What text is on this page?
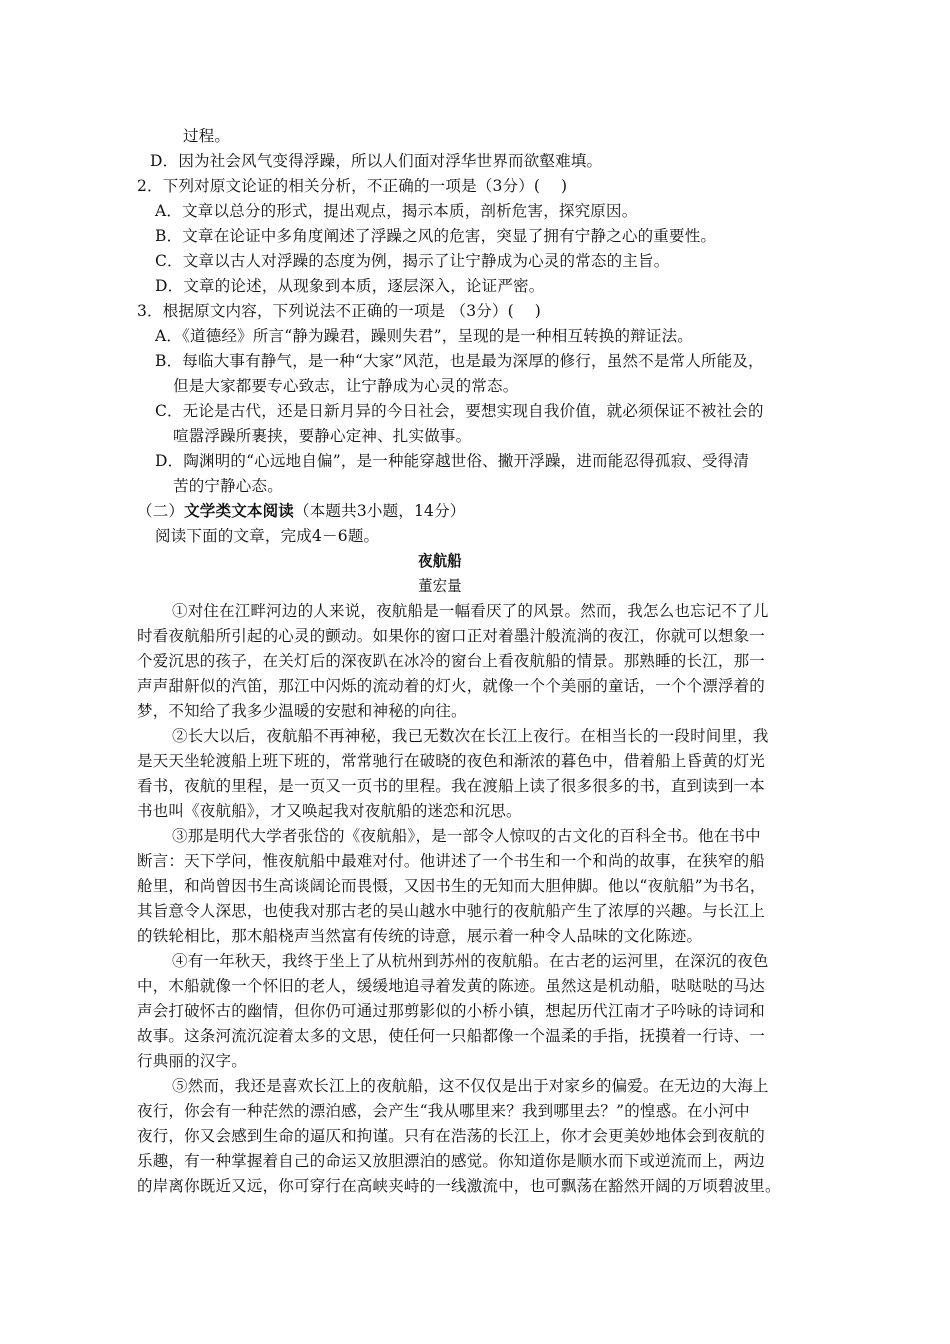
过程。
D．因为社会风气变得浮躁，所以人们面对浮华世界而欲壑难填。
2．下列对原文论证的相关分析，不正确的一项是（3分）(　 )
A．文章以总分的形式，提出观点，揭示本质，剖析危害，探究原因。
B．文章在论证中多角度阐述了浮躁之风的危害，突显了拥有宁静之心的重要性。
C．文章以古人对浮躁的态度为例，揭示了让宁静成为心灵的常态的主旨。
D．文章的论述，从现象到本质，逐层深入，论证严密。
3．根据原文内容，下列说法不正确的一项是 （3分）(　 )
A．《道德经》所言“静为躁君，躁则失君”，呈现的是一种相互转换的辩证法。
B．每临大事有静气，是一种“大家”风范，也是最为深厚的修行，虽然不是常人所能及，
但是大家都要专心致志，让宁静成为心灵的常态。
C．无论是古代，还是日新月异的今日社会，要想实现自我价值，就必须保证不被社会的
喧嚣浮躁所裹挟，要静心定神、扎实做事。
D．陶渊明的“心远地自偏”，是一种能穿越世俗、撇开浮躁，进而能忍得孤寂、受得清
苦的宁静心态。
（二）文学类文本阅读（本题共3小题，14分）
阅读下面的文章，完成4－6题。
夜航船
董宏量
①对住在江畔河边的人来说，夜航船是一幅看厌了的风景。然而，我怎么也忘记不了儿
时看夜航船所引起的心灵的颤动。如果你的窗口正对着墨汁般流淌的夜江，你就可以想象一
个爱沉思的孩子，在关灯后的深夜趴在冰冷的窗台上看夜航船的情景。那熟睡的长江，那一
声声甜鼾似的汽笛，那江中闪烁的流动着的灯火，就像一个个美丽的童话，一个个漂浮着的
梦，不知给了我多少温暖的安慰和神秘的向往。
②长大以后，夜航船不再神秘，我已无数次在长江上夜行。在相当长的一段时间里，我
是天天坐轮渡船上班下班的，常常驰行在破晓的夜色和渐浓的暮色中，借着船上昏黄的灯光
看书，夜航的里程，是一页又一页书的里程。我在渡船上读了很多很多的书，直到读到一本
书也叫《夜航船》，才又唤起我对夜航船的迷恋和沉思。
③那是明代大学者张岱的《夜航船》，是一部令人惊叹的古文化的百科全书。他在书中
断言：天下学问，惟夜航船中最难对付。他讲述了一个书生和一个和尚的故事，在狭窄的船
舱里，和尚曾因书生高谈阔论而畏慑，又因书生的无知而大胆伸脚。他以“夜航船”为书名，
其旨意令人深思，也使我对那古老的吴山越水中驰行的夜航船产生了浓厚的兴趣。与长江上
的铁轮相比，那木船桡声当然富有传统的诗意，展示着一种令人品味的文化陈迹。
④有一年秋天，我终于坐上了从杭州到苏州的夜航船。在古老的运河里，在深沉的夜色
中，木船就像一个怀旧的老人，缓缓地追寻着发黄的陈迹。虽然这是机动船，哒哒哒的马达
声会打破怀古的幽情，但你仍可通过那剪影似的小桥小镇，想起历代江南才子吟咏的诗词和
故事。这条河流沉淀着太多的文思，使任何一只船都像一个温柔的手指，抚摸着一行诗、一
行典丽的汉字。
⑤然而，我还是喜欢长江上的夜航船，这不仅仅是出于对家乡的偏爱。在无边的大海上
夜行，你会有一种茫然的漂泊感，会产生“我从哪里来？我到哪里去？”的惶惑。在小河中
夜行，你又会感到生命的逼仄和拘谨。只有在浩荡的长江上，你才会更美妙地体会到夜航的
乐趣，有一种掌握着自己的命运又放胆漂泊的感觉。你知道你是顺水而下或逆流而上，两边
的岸离你既近又远，你可穿行在高峡夹峙的一线激流中，也可飘荡在豁然开阔的万顷碧波里。
